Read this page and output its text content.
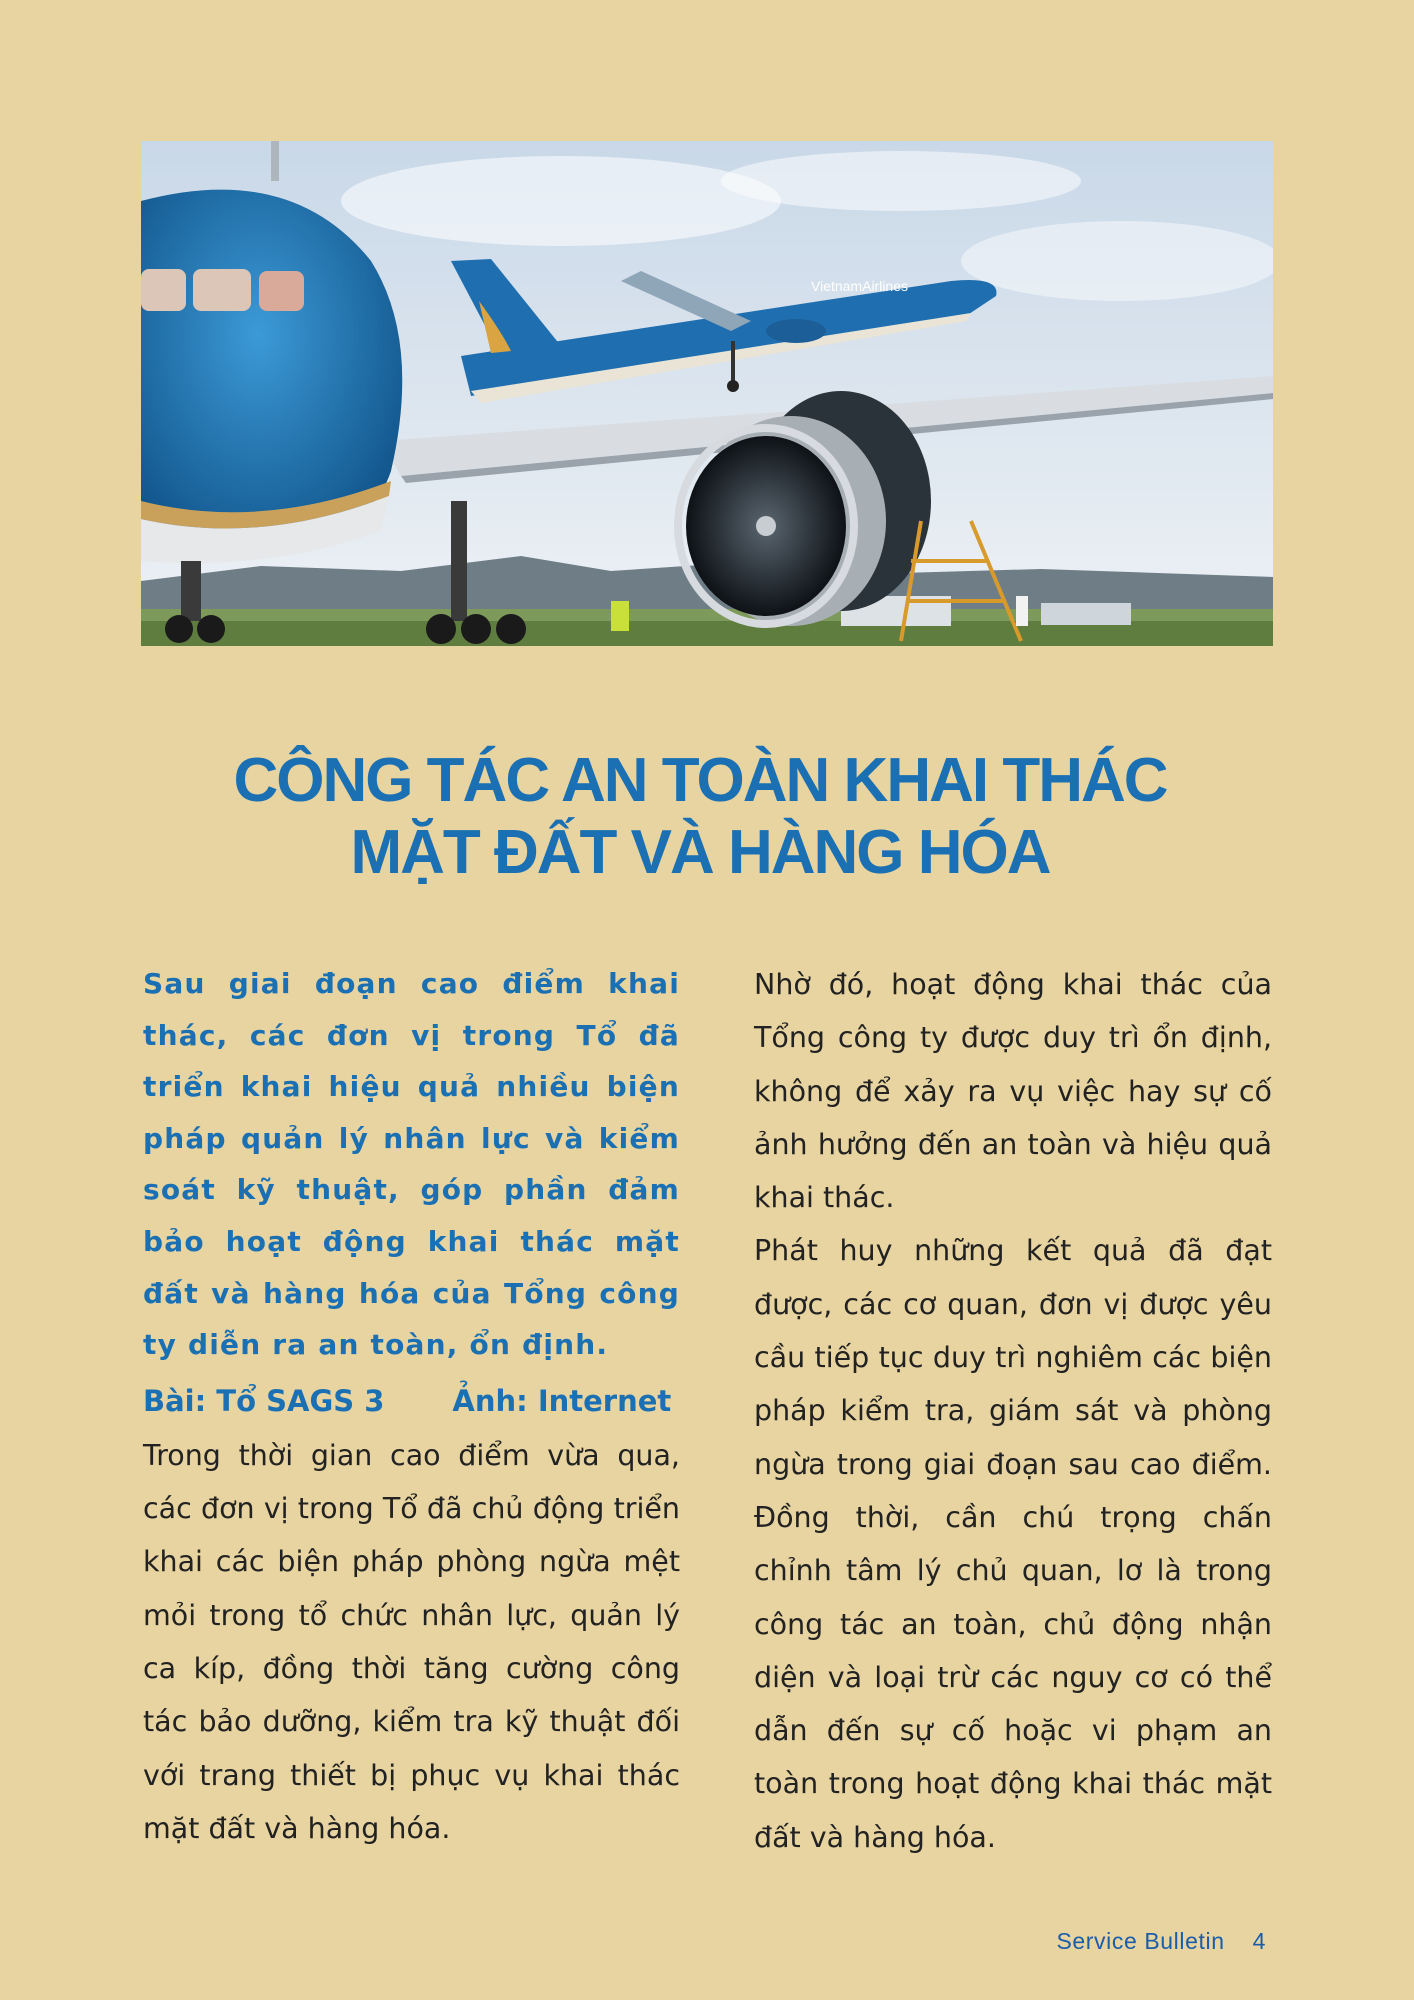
VietnamAirlines
CÔNG TÁC AN TOÀN KHAI THÁC
MẶT ĐẤT VÀ HÀNG HÓA

Sau giai đoạn cao điểm khai thác, các đơn vị trong Tổ đã triển khai hiệu quả nhiều biện pháp quản lý nhân lực và kiểm soát kỹ thuật, góp phần đảm bảo hoạt động khai thác mặt đất và hàng hóa của Tổng công ty diễn ra an toàn, ổn định.

Bài: Tổ SAGS 3 Ảnh: Internet

Trong thời gian cao điểm vừa qua, các đơn vị trong Tổ đã chủ động triển khai các biện pháp phòng ngừa mệt mỏi trong tổ chức nhân lực, quản lý ca kíp, đồng thời tăng cường công tác bảo dưỡng, kiểm tra kỹ thuật đối với trang thiết bị phục vụ khai thác mặt đất và hàng hóa.

Nhờ đó, hoạt động khai thác của Tổng công ty được duy trì ổn định, không để xảy ra vụ việc hay sự cố ảnh hưởng đến an toàn và hiệu quả khai thác.

Phát huy những kết quả đã đạt được, các cơ quan, đơn vị được yêu cầu tiếp tục duy trì nghiêm các biện pháp kiểm tra, giám sát và phòng ngừa trong giai đoạn sau cao điểm. Đồng thời, cần chú trọng chấn chỉnh tâm lý chủ quan, lơ là trong công tác an toàn, chủ động nhận diện và loại trừ các nguy cơ có thể dẫn đến sự cố hoặc vi phạm an toàn trong hoạt động khai thác mặt đất và hàng hóa.

Service Bulletin 4
